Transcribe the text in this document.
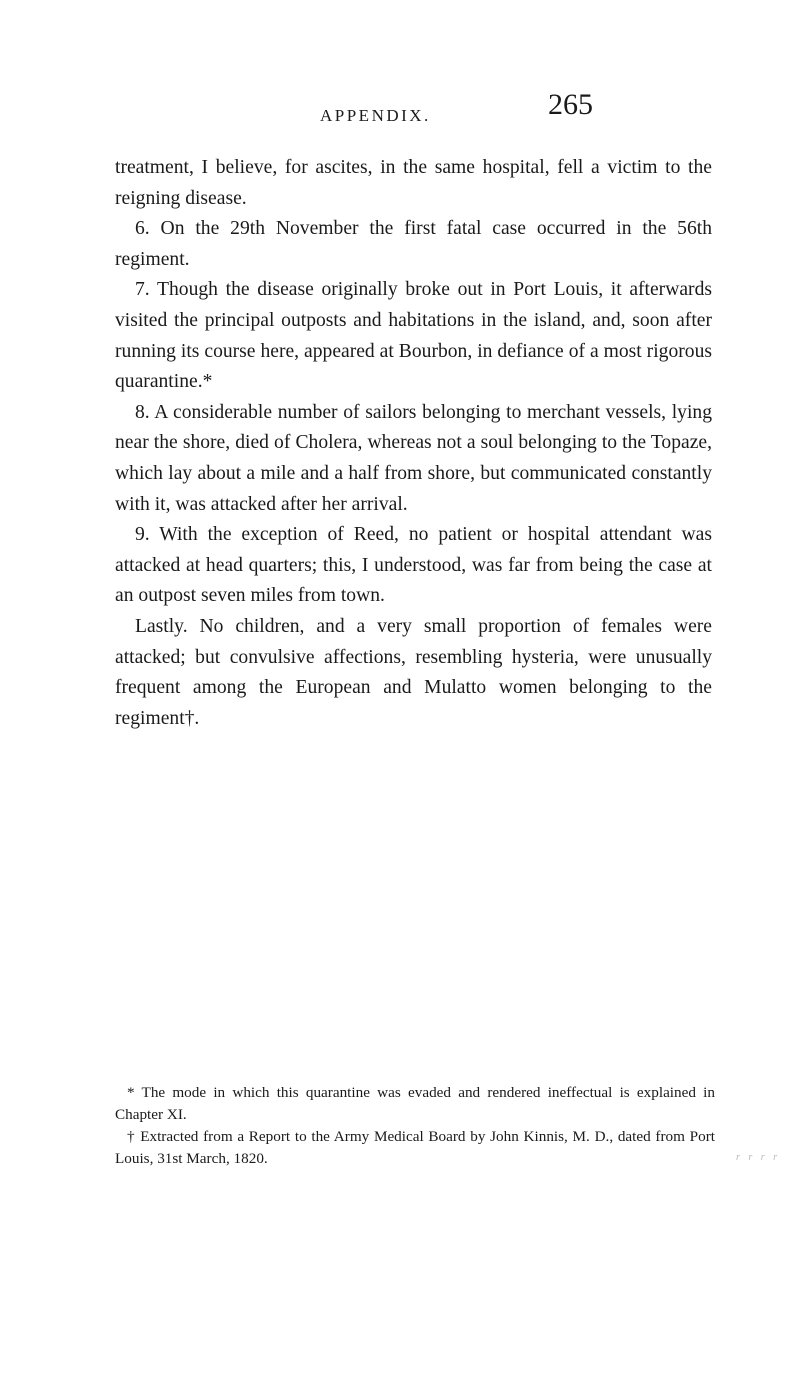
APPENDIX.	265

treatment, I believe, for ascites, in the same hospital, fell a victim to the reigning disease.

6. On the 29th November the first fatal case occurred in the 56th regiment.

7. Though the disease originally broke out in Port Louis, it afterwards visited the principal outposts and habitations in the island, and, soon after running its course here, appeared at Bourbon, in defiance of a most rigorous quarantine.*

8. A considerable number of sailors belonging to merchant vessels, lying near the shore, died of Cholera, whereas not a soul belonging to the Topaze, which lay about a mile and a half from shore, but communicated constantly with it, was attacked after her arrival.

9. With the exception of Reed, no patient or hospital attendant was attacked at head quarters; this, I understood, was far from being the case at an outpost seven miles from town.

Lastly. No children, and a very small proportion of females were attacked; but convulsive affections, resembling hysteria, were unusually frequent among the European and Mulatto women belonging to the regiment†.

* The mode in which this quarantine was evaded and rendered ineffectual is explained in Chapter XI.

† Extracted from a Report to the Army Medical Board by John Kinnis, M. D., dated from Port Louis, 31st March, 1820.	r r r r
